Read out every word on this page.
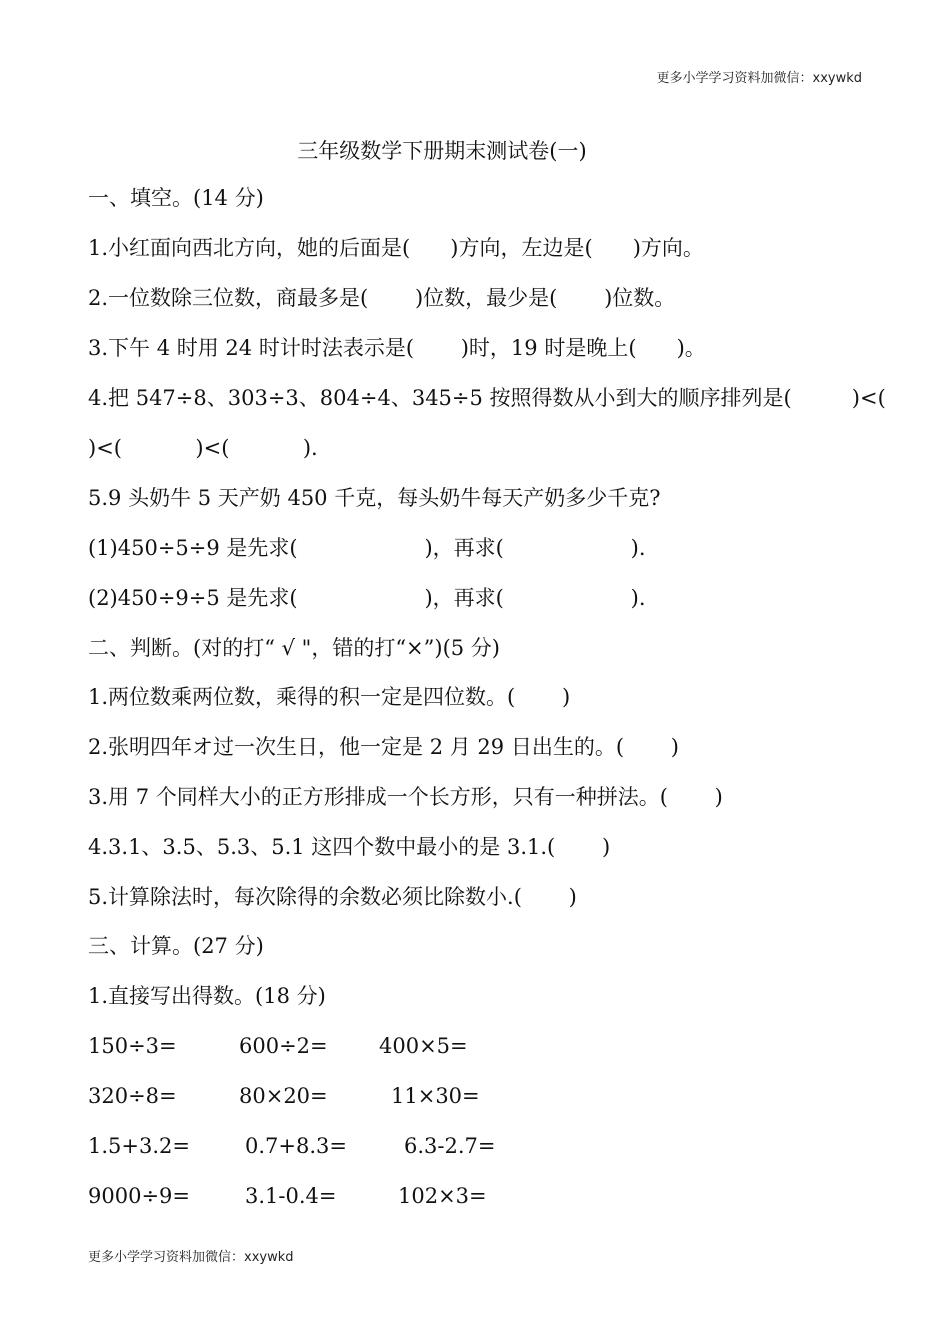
更多小学学习资料加微信：xxywkd
三年级数学下册期末测试卷(一)
一、填空。(14 分)
1.小红面向西北方向，她的后面是(      )方向，左边是(      )方向。
2.一位数除三位数，商最多是(       )位数，最少是(       )位数。
3.下午 4 时用 24 时计时法表示是(       )时，19 时是晚上(      )。
4.把 547÷8、303÷3、804÷4、345÷5 按照得数从小到大的顺序排列是(         )<(
)<(           )<(           ).
5.9 头奶牛 5 天产奶 450 千克，每头奶牛每天产奶多少千克?
(1)450÷5÷9 是先求(                   )，再求(                   ).
(2)450÷9÷5 是先求(                   )，再求(                   ).
二、判断。(对的打“ √ "，错的打“×”)(5 分)
1.两位数乘两位数，乘得的积一定是四位数。(       )
2.张明四年オ过一次生日，他一定是 2 月 29 日出生的。(       )
3.用 7 个同样大小的正方形排成一个长方形，只有一种拼法。(       )
4.3.1、3.5、5.3、5.1 这四个数中最小的是 3.1.(       )
5.计算除法时，每次除得的余数必须比除数小.(       )
三、计算。(27 分)
1.直接写出得数。(18 分)
150÷3=	600÷2= 400×5=
320÷8=	80×20=	11×30=
1.5+3.2=	0.7+8.3=	6.3-2.7=
9000÷9=	3.1-0.4=	102×3=
更多小学学习资料加微信：xxywkd
